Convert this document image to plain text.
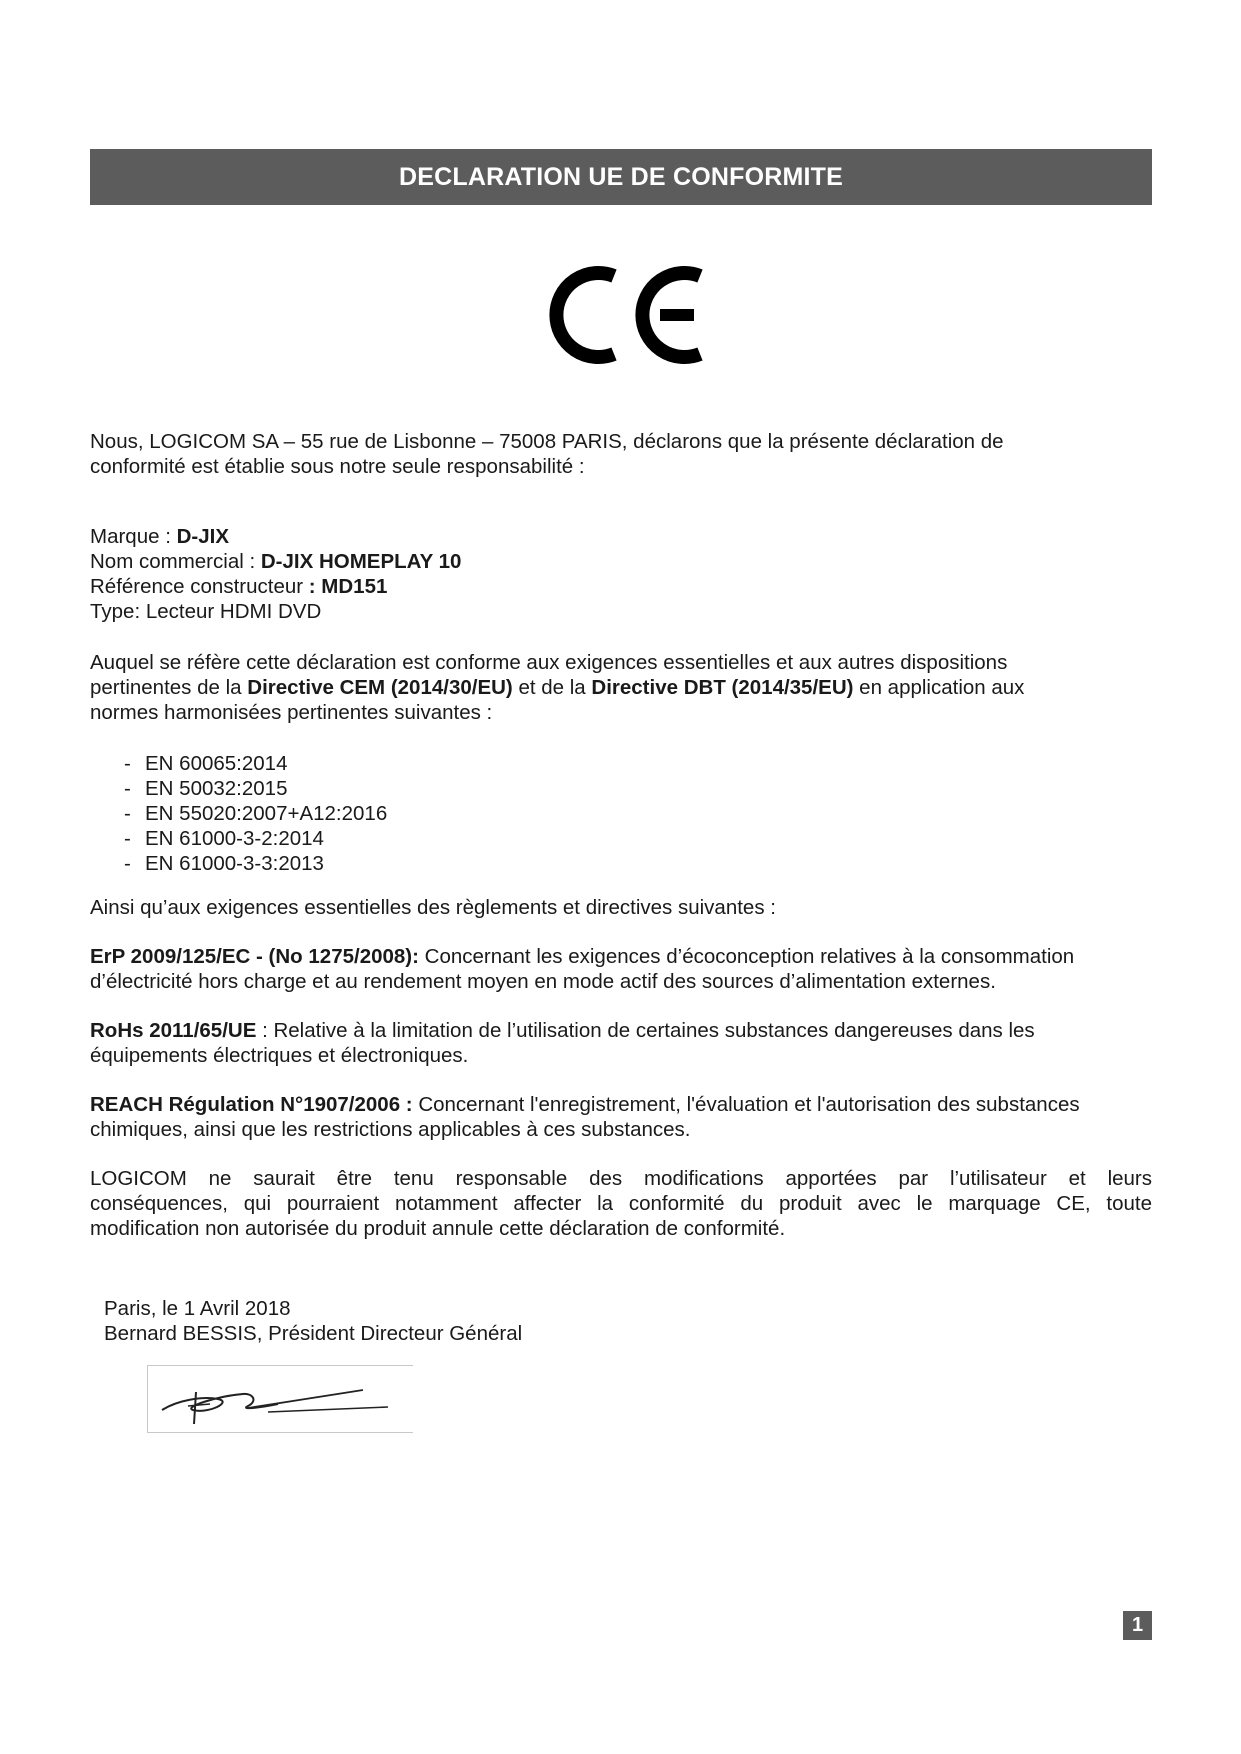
DECLARATION UE DE CONFORMITE

Nous, LOGICOM SA – 55 rue de Lisbonne – 75008 PARIS, déclarons que la présente déclaration de

conformité est établie sous notre seule responsabilité :

Marque : D-JIX

Nom commercial : D-JIX HOMEPLAY 10

Référence constructeur : MD151

Type: Lecteur HDMI DVD

Auquel se réfère cette déclaration est conforme aux exigences essentielles et aux autres dispositions

pertinentes de la Directive CEM (2014/30/EU) et de la Directive DBT (2014/35/EU) en application aux

normes harmonisées pertinentes suivantes :

- EN 60065:2014
- EN 50032:2015
- EN 55020:2007+A12:2016
- EN 61000-3-2:2014
- EN 61000-3-3:2013
Ainsi qu’aux exigences essentielles des règlements et directives suivantes :

ErP 2009/125/EC - (No 1275/2008): Concernant les exigences d’écoconception relatives à la consommation

d’électricité hors charge et au rendement moyen en mode actif des sources d’alimentation externes.

RoHs 2011/65/UE : Relative à la limitation de l’utilisation de certaines substances dangereuses dans les

équipements électriques et électroniques.

REACH Régulation N°1907/2006 : Concernant l'enregistrement, l'évaluation et l'autorisation des substances

chimiques, ainsi que les restrictions applicables à ces substances.

LOGICOM ne saurait être tenu responsable des modifications apportées par l’utilisateur et leurs

conséquences, qui pourraient notamment affecter la conformité du produit avec le marquage CE, toute

modification non autorisée du produit annule cette déclaration de conformité.

Paris, le 1 Avril 2018

Bernard BESSIS, Président Directeur Général

1
